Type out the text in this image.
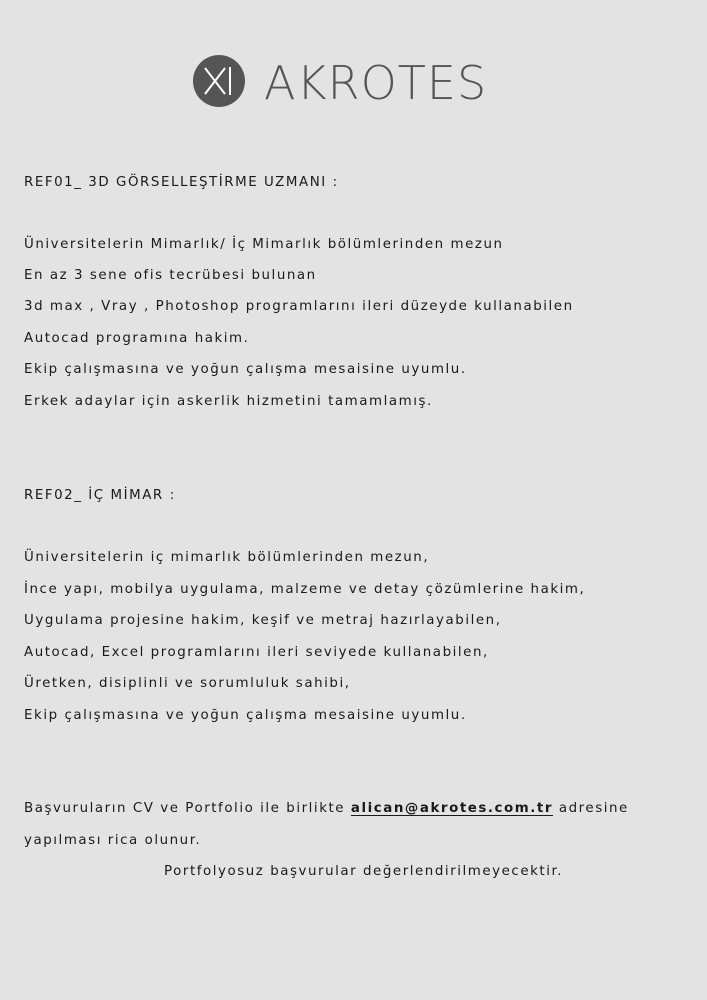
AKROTES
REF01_ 3D GÖRSELLEŞTİRME UZMANI :
Üniversitelerin Mimarlık/ İç Mimarlık bölümlerinden mezun
En az 3 sene ofis tecrübesi bulunan
3d max , Vray , Photoshop programlarını ileri düzeyde kullanabilen
Autocad programına hakim.
Ekip çalışmasına ve yoğun çalışma mesaisine uyumlu.
Erkek adaylar için askerlik hizmetini tamamlamış.
REF02_ İÇ MİMAR :
Üniversitelerin iç mimarlık bölümlerinden mezun,
İnce yapı, mobilya uygulama, malzeme ve detay çözümlerine hakim,
Uygulama projesine hakim, keşif ve metraj hazırlayabilen,
Autocad, Excel programlarını ileri seviyede kullanabilen,
Üretken, disiplinli ve sorumluluk sahibi,
Ekip çalışmasına ve yoğun çalışma mesaisine uyumlu.
Başvuruların CV ve Portfolio ile birlikte alican@akrotes.com.tr adresine
yapılması rica olunur.
Portfolyosuz başvurular değerlendirilmeyecektir.
